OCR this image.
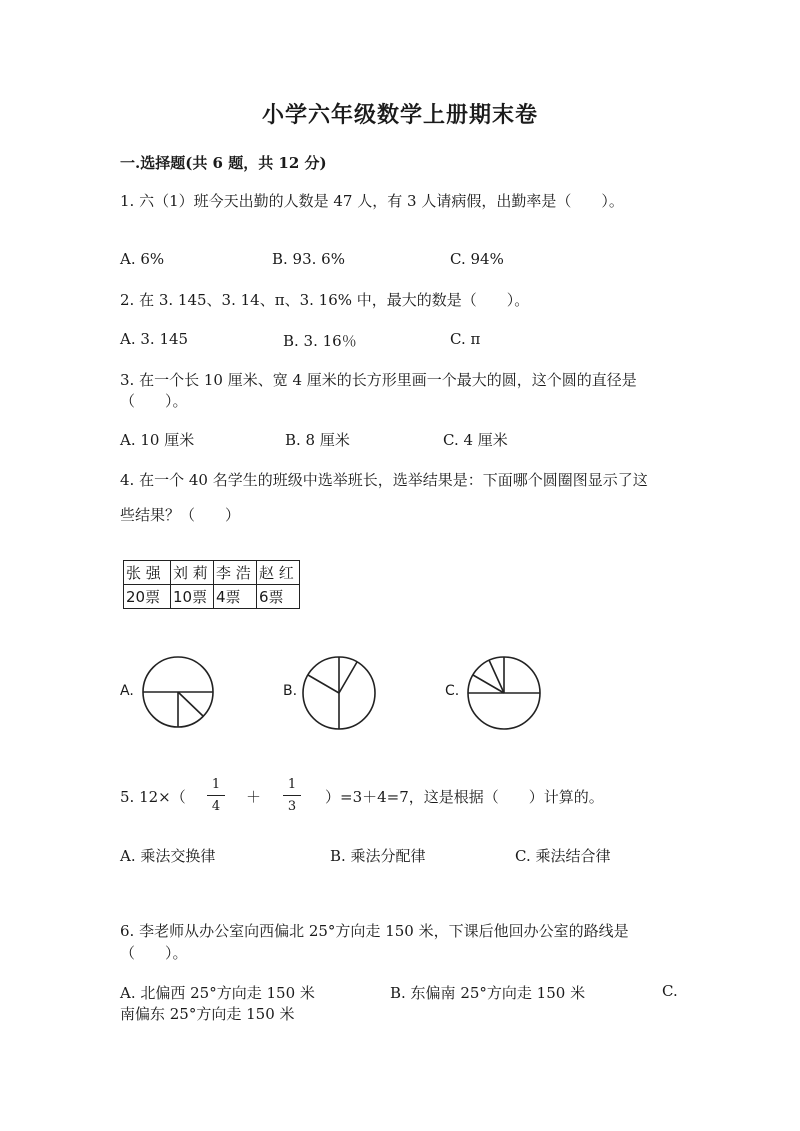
小学六年级数学上册期末卷
一.选择题(共 6 题，共 12 分)
1. 六（1）班今天出勤的人数是 47 人，有 3 人请病假，出勤率是（　　）。
A. 6%	B. 93. 6%	C. 94%
2. 在 3. 145、3. 14、π、3. 16% 中，最大的数是（　　）。
A. 3. 145	B. 3. 16％	C. π
3. 在一个长 10 厘米、宽 4 厘米的长方形里画一个最大的圆，这个圆的直径是
（　　）。
A. 10 厘米	B. 8 厘米	C. 4 厘米
4. 在一个 40 名学生的班级中选举班长，选举结果是：下面哪个圆圈图显示了这
些结果？（　　）
张 强	刘 莉	李 浩	赵 红
20票	10票	4票	6票
A.	B.	C.
5. 12×（
1
4
＋
1
3
）=3＋4=7，这是根据（　　）计算的。
A. 乘法交换律	B. 乘法分配律	C. 乘法结合律
6. 李老师从办公室向西偏北 25°方向走 150 米，下课后他回办公室的路线是
（　　）。
A. 北偏西 25°方向走 150 米	B. 东偏南 25°方向走 150 米	C.
南偏东 25°方向走 150 米
